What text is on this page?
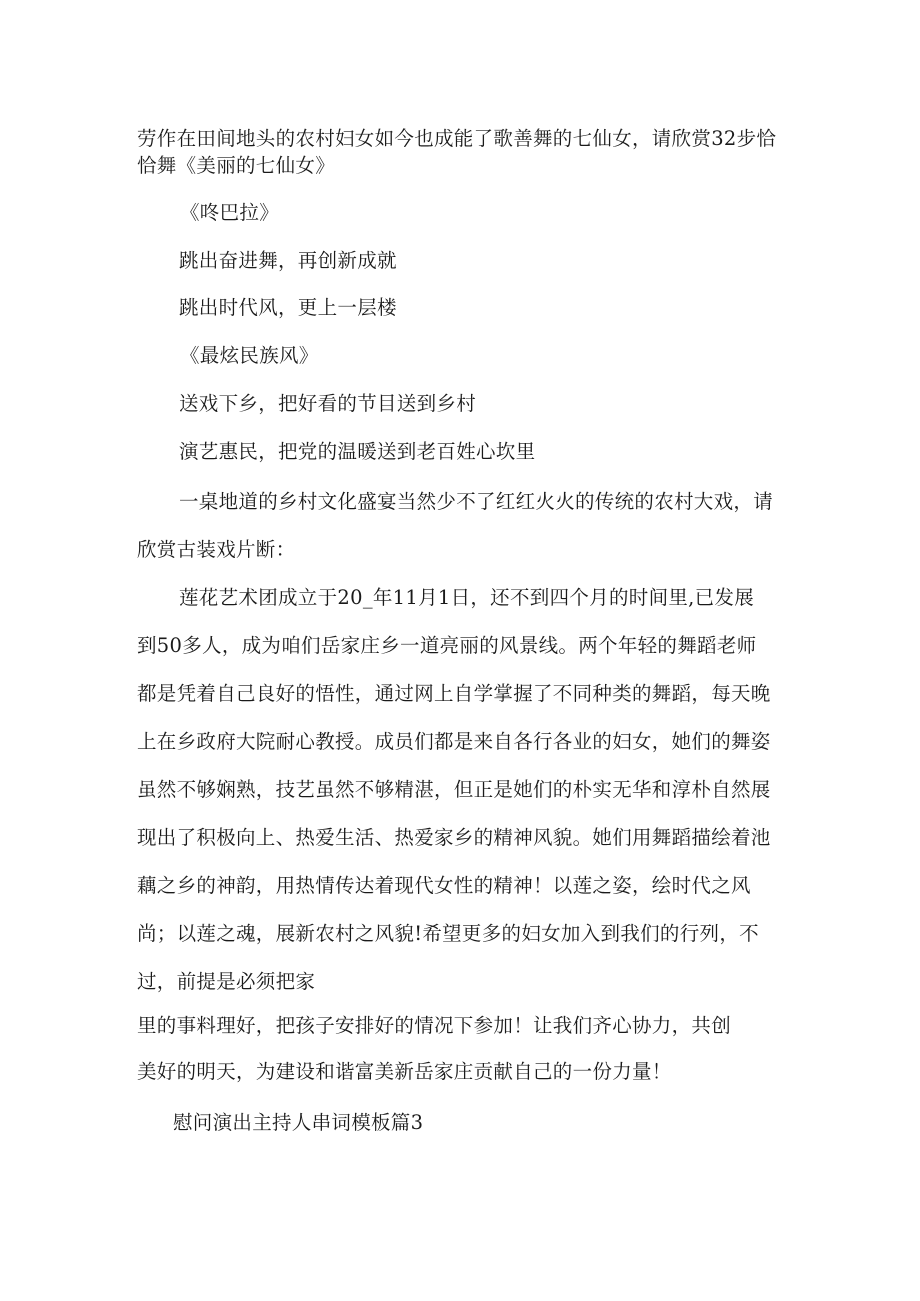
劳作在田间地头的农村妇女如今也成能了歌善舞的七仙女，请欣赏32步恰
恰舞《美丽的七仙女》
《咚巴拉》
跳出奋进舞，再创新成就
跳出时代风，更上一层楼
《最炫民族风》
送戏下乡，把好看的节目送到乡村
演艺惠民，把党的温暖送到老百姓心坎里
一桌地道的乡村文化盛宴当然少不了红红火火的传统的农村大戏，请
欣赏古装戏片断：
莲花艺术团成立于20_年11月1日，还不到四个月的时间里,已发展
到50多人，成为咱们岳家庄乡一道亮丽的风景线。两个年轻的舞蹈老师
都是凭着自己良好的悟性，通过网上自学掌握了不同种类的舞蹈，每天晚
上在乡政府大院耐心教授。成员们都是来自各行各业的妇女，她们的舞姿
虽然不够娴熟，技艺虽然不够精湛，但正是她们的朴实无华和淳朴自然展
现出了积极向上、热爱生活、热爱家乡的精神风貌。她们用舞蹈描绘着池
藕之乡的神韵，用热情传达着现代女性的精神！以莲之姿，绘时代之风
尚；以莲之魂，展新农村之风貌!希望更多的妇女加入到我们的行列，不
过，前提是必须把家
里的事料理好，把孩子安排好的情况下参加！让我们齐心协力，共创
美好的明天，为建设和谐富美新岳家庄贡献自己的一份力量！
慰问演出主持人串词模板篇3
